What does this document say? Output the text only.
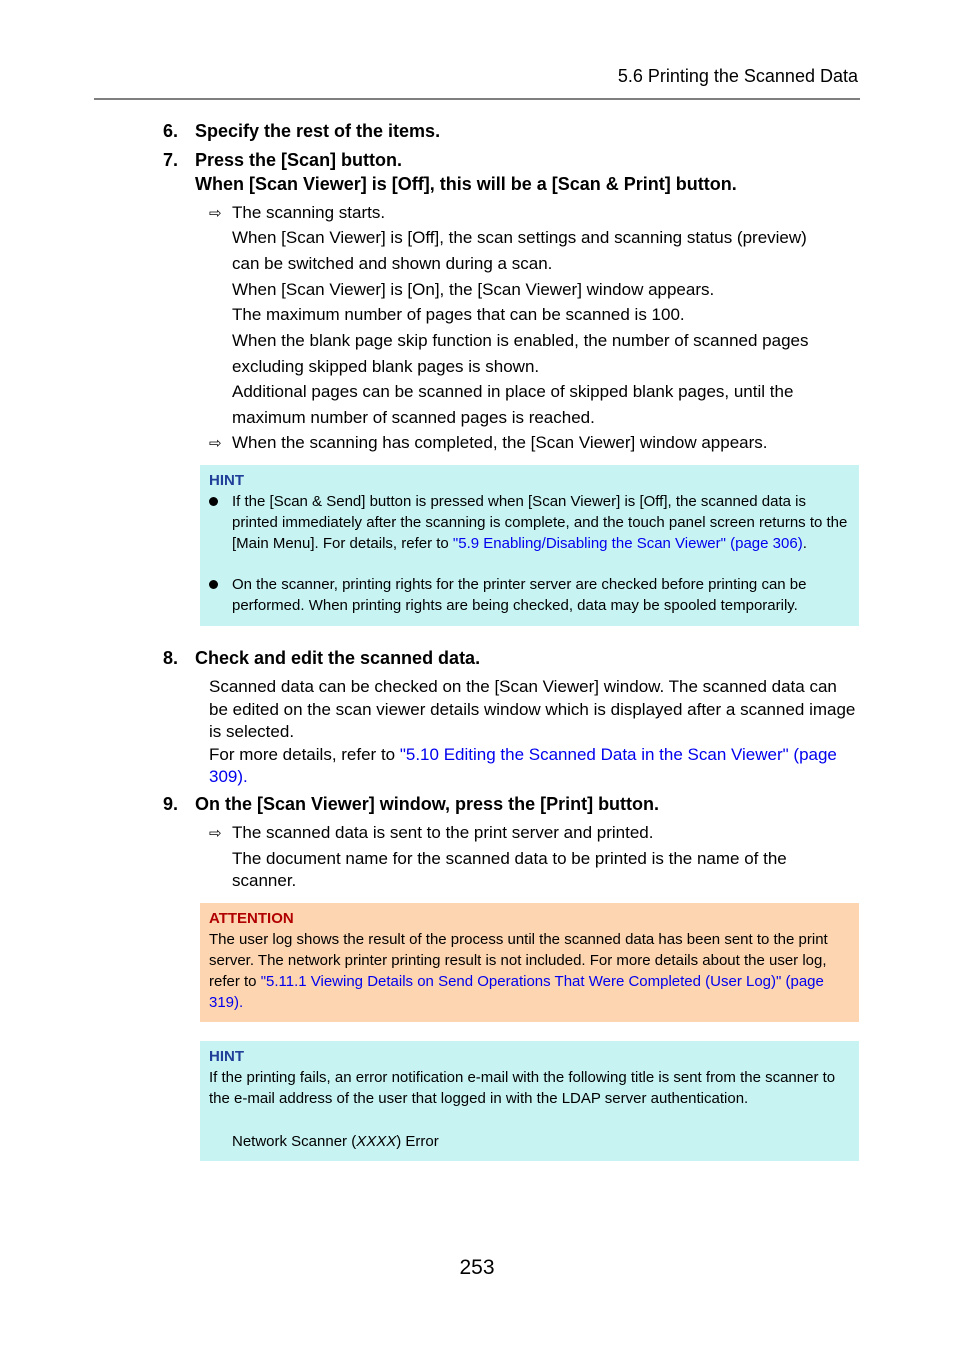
5.6 Printing the Scanned Data
6. Specify the rest of the items.
7. Press the [Scan] button.
When [Scan Viewer] is [Off], this will be a [Scan & Print] button.
⇨ The scanning starts.
When [Scan Viewer] is [Off], the scan settings and scanning status (preview)
can be switched and shown during a scan.
When [Scan Viewer] is [On], the [Scan Viewer] window appears.
The maximum number of pages that can be scanned is 100.
When the blank page skip function is enabled, the number of scanned pages
excluding skipped blank pages is shown.
Additional pages can be scanned in place of skipped blank pages, until the
maximum number of scanned pages is reached.
⇨ When the scanning has completed, the [Scan Viewer] window appears.
HINT
If the [Scan & Send] button is pressed when [Scan Viewer] is [Off], the scanned data is printed immediately after the scanning is complete, and the touch panel screen returns to the [Main Menu]. For details, refer to "5.9 Enabling/Disabling the Scan Viewer" (page 306).
On the scanner, printing rights for the printer server are checked before printing can be performed. When printing rights are being checked, data may be spooled temporarily.
8. Check and edit the scanned data.
Scanned data can be checked on the [Scan Viewer] window. The scanned data can be edited on the scan viewer details window which is displayed after a scanned image is selected.
For more details, refer to "5.10 Editing the Scanned Data in the Scan Viewer" (page 309).
9. On the [Scan Viewer] window, press the [Print] button.
⇨ The scanned data is sent to the print server and printed.
The document name for the scanned data to be printed is the name of the
scanner.
ATTENTION
The user log shows the result of the process until the scanned data has been sent to the print server. The network printer printing result is not included. For more details about the user log, refer to "5.11.1 Viewing Details on Send Operations That Were Completed (User Log)" (page 319).
HINT
If the printing fails, an error notification e-mail with the following title is sent from the scanner to the e-mail address of the user that logged in with the LDAP server authentication.
Network Scanner (XXXX) Error
253
